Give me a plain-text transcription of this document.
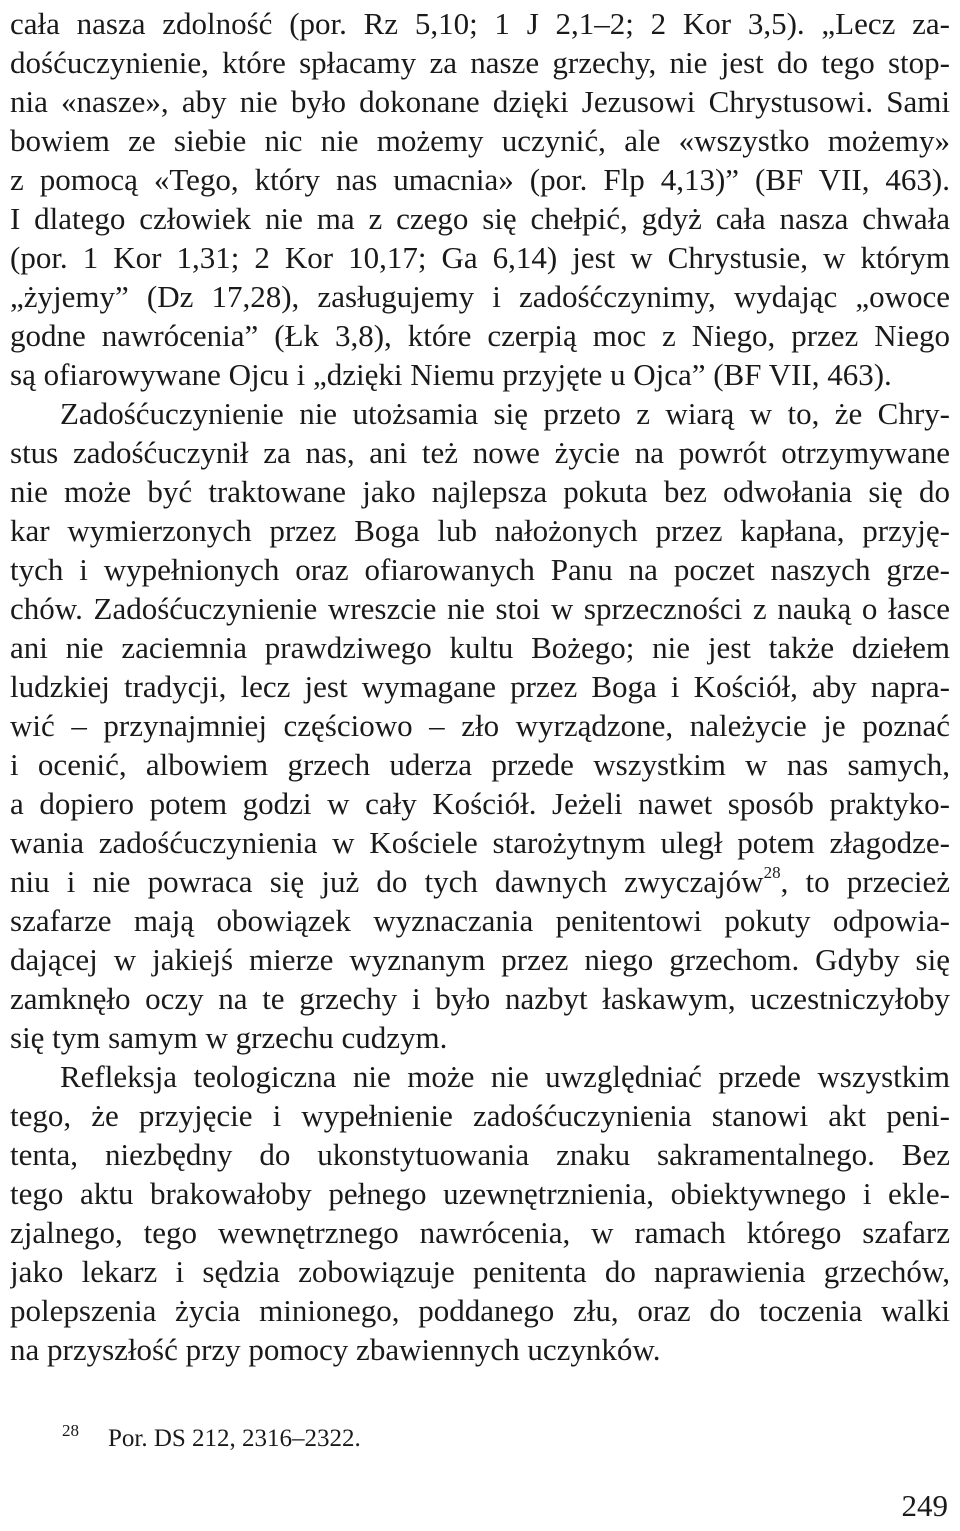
cała nasza zdolność (por. Rz 5,10; 1 J 2,1–2; 2 Kor 3,5). „Lecz za-
dośćuczynienie, które spłacamy za nasze grzechy, nie jest do tego stop-
nia «nasze», aby nie było dokonane dzięki Jezusowi Chrystusowi. Sami
bowiem ze siebie nic nie możemy uczynić, ale «wszystko możemy»
z pomocą «Tego, który nas umacnia» (por. Flp 4,13)” (BF VII, 463).
I dlatego człowiek nie ma z czego się chełpić, gdyż cała nasza chwała
(por. 1 Kor 1,31; 2 Kor 10,17; Ga 6,14) jest w Chrystusie, w którym
„żyjemy” (Dz 17,28), zasługujemy i zadośćczynimy, wydając „owoce
godne nawrócenia” (Łk 3,8), które czerpią moc z Niego, przez Niego
są ofiarowywane Ojcu i „dzięki Niemu przyjęte u Ojca” (BF VII, 463).
Zadośćuczynienie nie utożsamia się przeto z wiarą w to, że Chry-
stus zadośćuczynił za nas, ani też nowe życie na powrót otrzymywane
nie może być traktowane jako najlepsza pokuta bez odwołania się do
kar wymierzonych przez Boga lub nałożonych przez kapłana, przyję-
tych i wypełnionych oraz ofiarowanych Panu na poczet naszych grze-
chów. Zadośćuczynienie wreszcie nie stoi w sprzeczności z nauką o łasce
ani nie zaciemnia prawdziwego kultu Bożego; nie jest także dziełem
ludzkiej tradycji, lecz jest wymagane przez Boga i Kościół, aby napra-
wić – przynajmniej częściowo – zło wyrządzone, należycie je poznać
i ocenić, albowiem grzech uderza przede wszystkim w nas samych,
a dopiero potem godzi w cały Kościół. Jeżeli nawet sposób praktyko-
wania zadośćuczynienia w Kościele starożytnym uległ potem złagodze-
niu i nie powraca się już do tych dawnych zwyczajów$^{28}$, to przecież
szafarze mają obowiązek wyznaczania penitentowi pokuty odpowia-
dającej w jakiejś mierze wyznanym przez niego grzechom. Gdyby się
zamknęło oczy na te grzechy i było nazbyt łaskawym, uczestniczyłoby
się tym samym w grzechu cudzym.
Refleksja teologiczna nie może nie uwzględniać przede wszystkim
tego, że przyjęcie i wypełnienie zadośćuczynienia stanowi akt peni-
tenta, niezbędny do ukonstytuowania znaku sakramentalnego. Bez
tego aktu brakowałoby pełnego uzewnętrznienia, obiektywnego i ekle-
zjalnego, tego wewnętrznego nawrócenia, w ramach którego szafarz
jako lekarz i sędzia zobowiązuje penitenta do naprawienia grzechów,
polepszenia życia minionego, poddanego złu, oraz do toczenia walki
na przyszłość przy pomocy zbawiennych uczynków.
28 Por. DS 212, 2316–2322.
249
